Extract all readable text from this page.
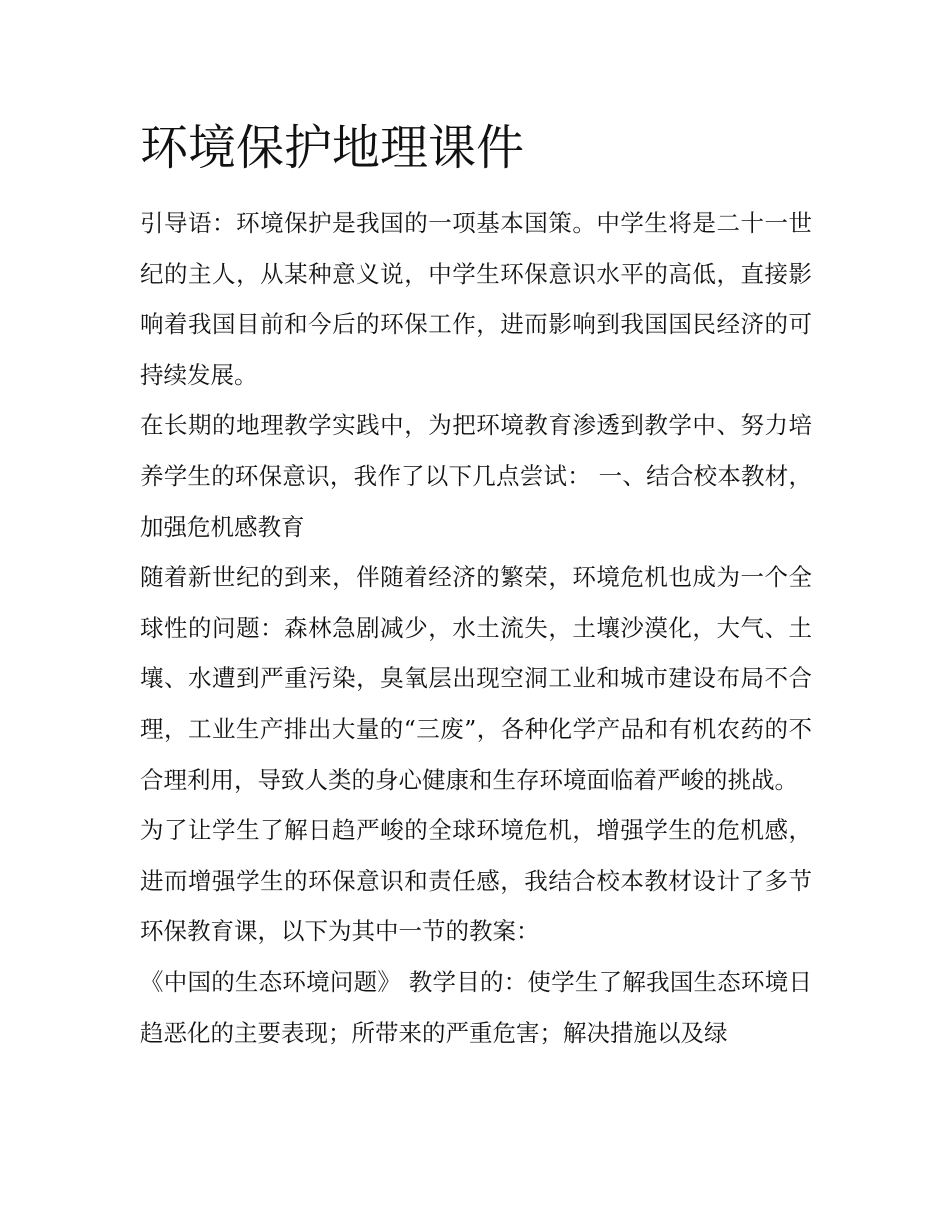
环境保护地理课件

引导语：环境保护是我国的一项基本国策。中学生将是二十一世纪的主人，从某种意义说，中学生环保意识水平的高低，直接影响着我国目前和今后的环保工作，进而影响到我国国民经济的可持续发展。

在长期的地理教学实践中，为把环境教育渗透到教学中、努力培养学生的环保意识，我作了以下几点尝试： 一、结合校本教材，加强危机感教育

随着新世纪的到来，伴随着经济的繁荣，环境危机也成为一个全球性的问题：森林急剧减少，水土流失，土壤沙漠化，大气、土壤、水遭到严重污染，臭氧层出现空洞工业和城市建设布局不合理，工业生产排出大量的“三废”，各种化学产品和有机农药的不合理利用，导致人类的身心健康和生存环境面临着严峻的挑战。

为了让学生了解日趋严峻的全球环境危机，增强学生的危机感， 进而增强学生的环保意识和责任感，我结合校本教材设计了多节环保教育课，以下为其中一节的教案：

《中国的生态环境问题》 教学目的：使学生了解我国生态环境日趋恶化的主要表现；所带来的严重危害；解决措施以及绿
